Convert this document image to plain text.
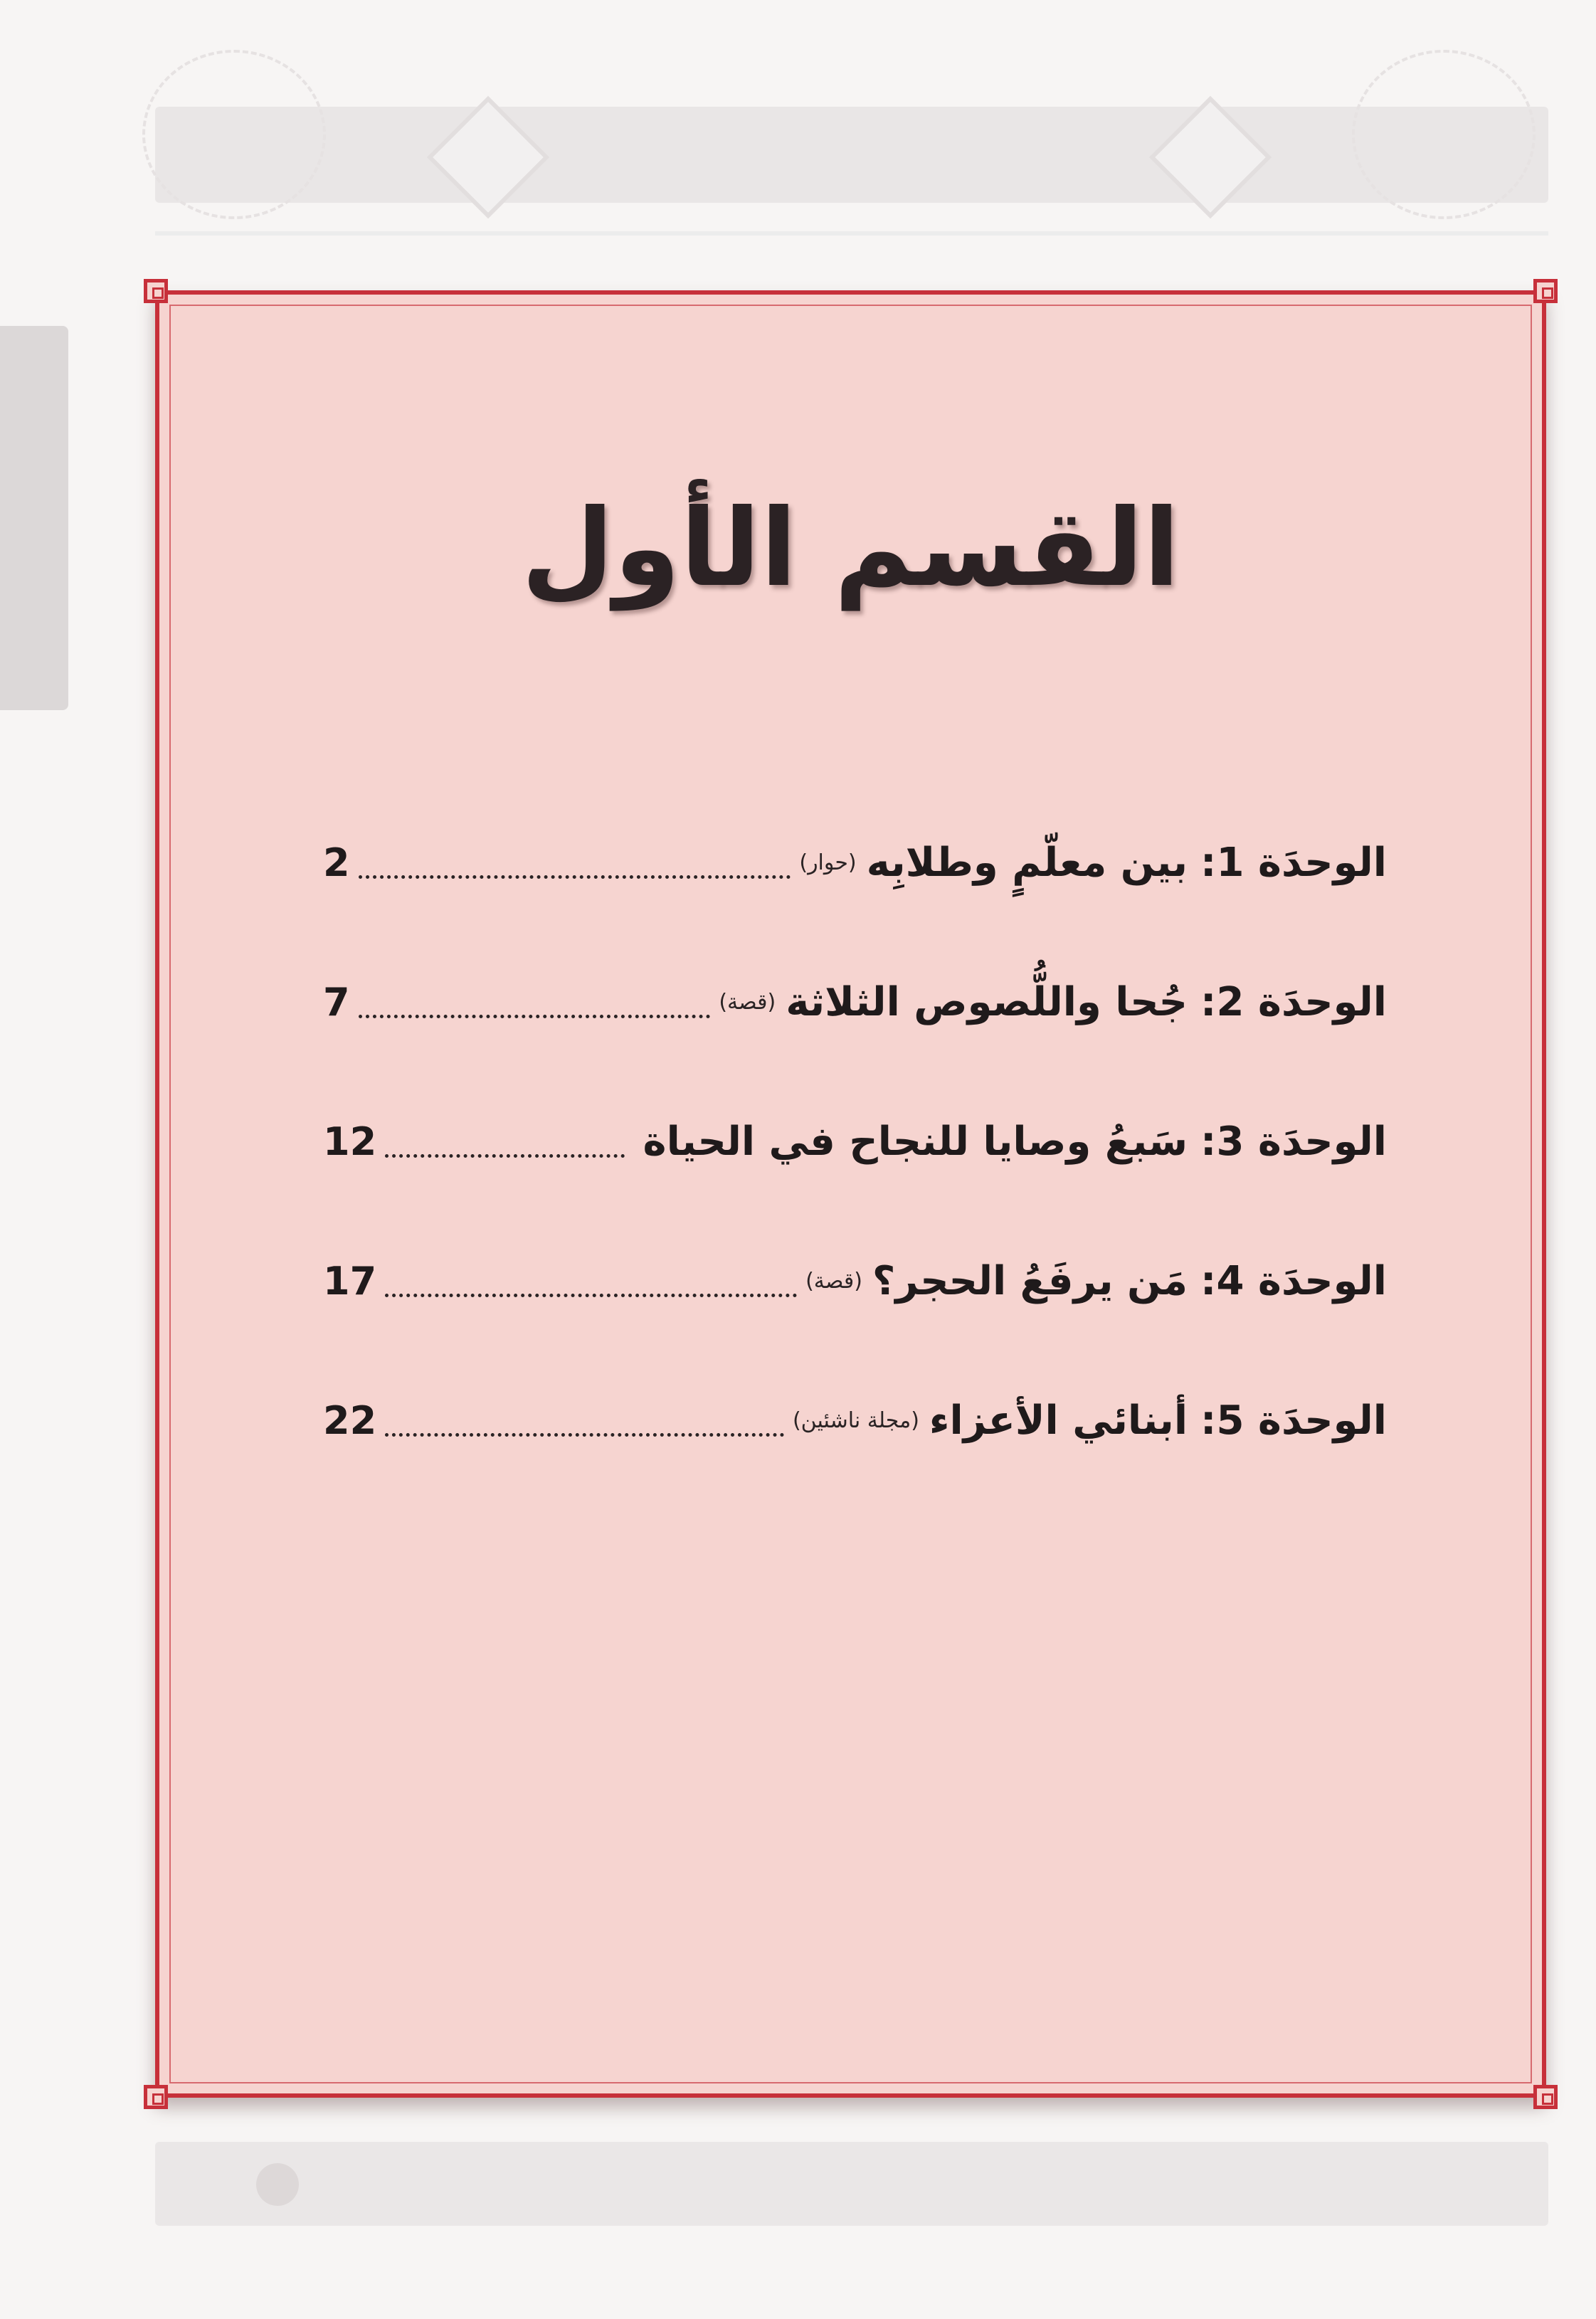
القسم الأول
الوحدَة 1:
بين معلّمٍ وطلابِه
(حوار)
2
الوحدَة 2:
جُحا واللُّصوص الثلاثة
(قصة)
7
الوحدَة 3:
سَبعُ وصايا للنجاح في الحياة
12
الوحدَة 4:
مَن يرفَعُ الحجر؟
(قصة)
17
الوحدَة 5:
أبنائي الأعزاء
(مجلة ناشئين)
22
